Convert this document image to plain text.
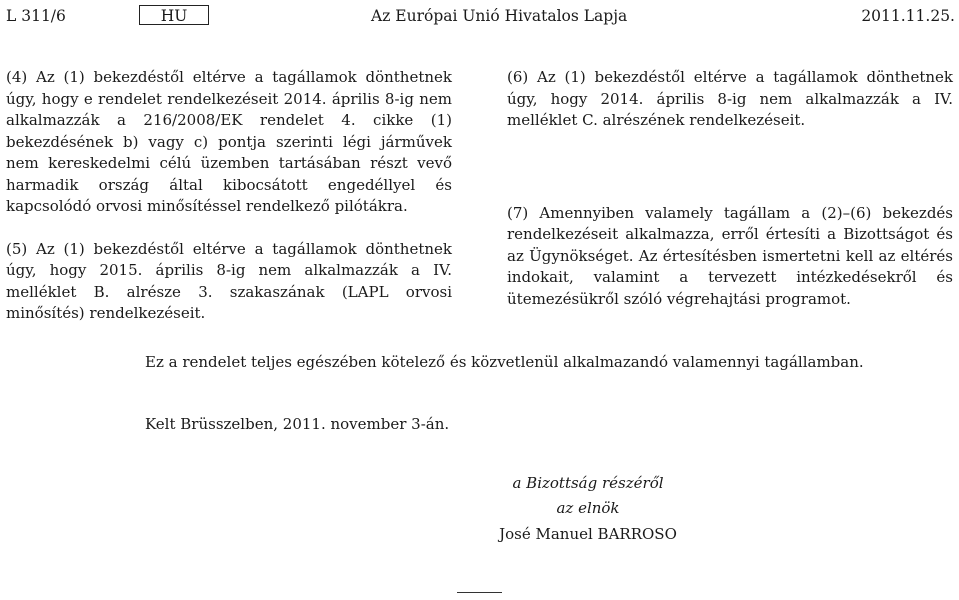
L 311/6	HU	Az Európai Unió Hivatalos Lapja	2011.11.25.

(4) Az (1) bekezdéstől eltérve a tagállamok dönthetnek úgy, hogy e rendelet rendelkezéseit 2014. április 8-ig nem alkalmazzák a 216/2008/EK rendelet 4. cikke (1) bekezdésének b) vagy c) pontja szerinti légi járművek nem kereskedelmi célú üzemben tartásában részt vevő harmadik ország által kibocsátott engedéllyel és kapcsolódó orvosi minősítéssel rendelkező pilótákra.

(5) Az (1) bekezdéstől eltérve a tagállamok dönthetnek úgy, hogy 2015. április 8-ig nem alkalmazzák a IV. melléklet B. alrésze 3. szakaszának (LAPL orvosi minősítés) rendelkezéseit.

(6) Az (1) bekezdéstől eltérve a tagállamok dönthetnek úgy, hogy 2014. április 8-ig nem alkalmazzák a IV. melléklet C. alrészének rendelkezéseit.

(7) Amennyiben valamely tagállam a (2)–(6) bekezdés rendelkezéseit alkalmazza, erről értesíti a Bizottságot és az Ügynökséget. Az értesítésben ismertetni kell az eltérés indokait, valamint a tervezett intézkedésekről és ütemezésükről szóló végrehajtási programot.

Ez a rendelet teljes egészében kötelező és közvetlenül alkalmazandó valamennyi tagállamban.
Kelt Brüsszelben, 2011. november 3-án.
a Bizottság részéről
az elnök
José Manuel BARROSO
